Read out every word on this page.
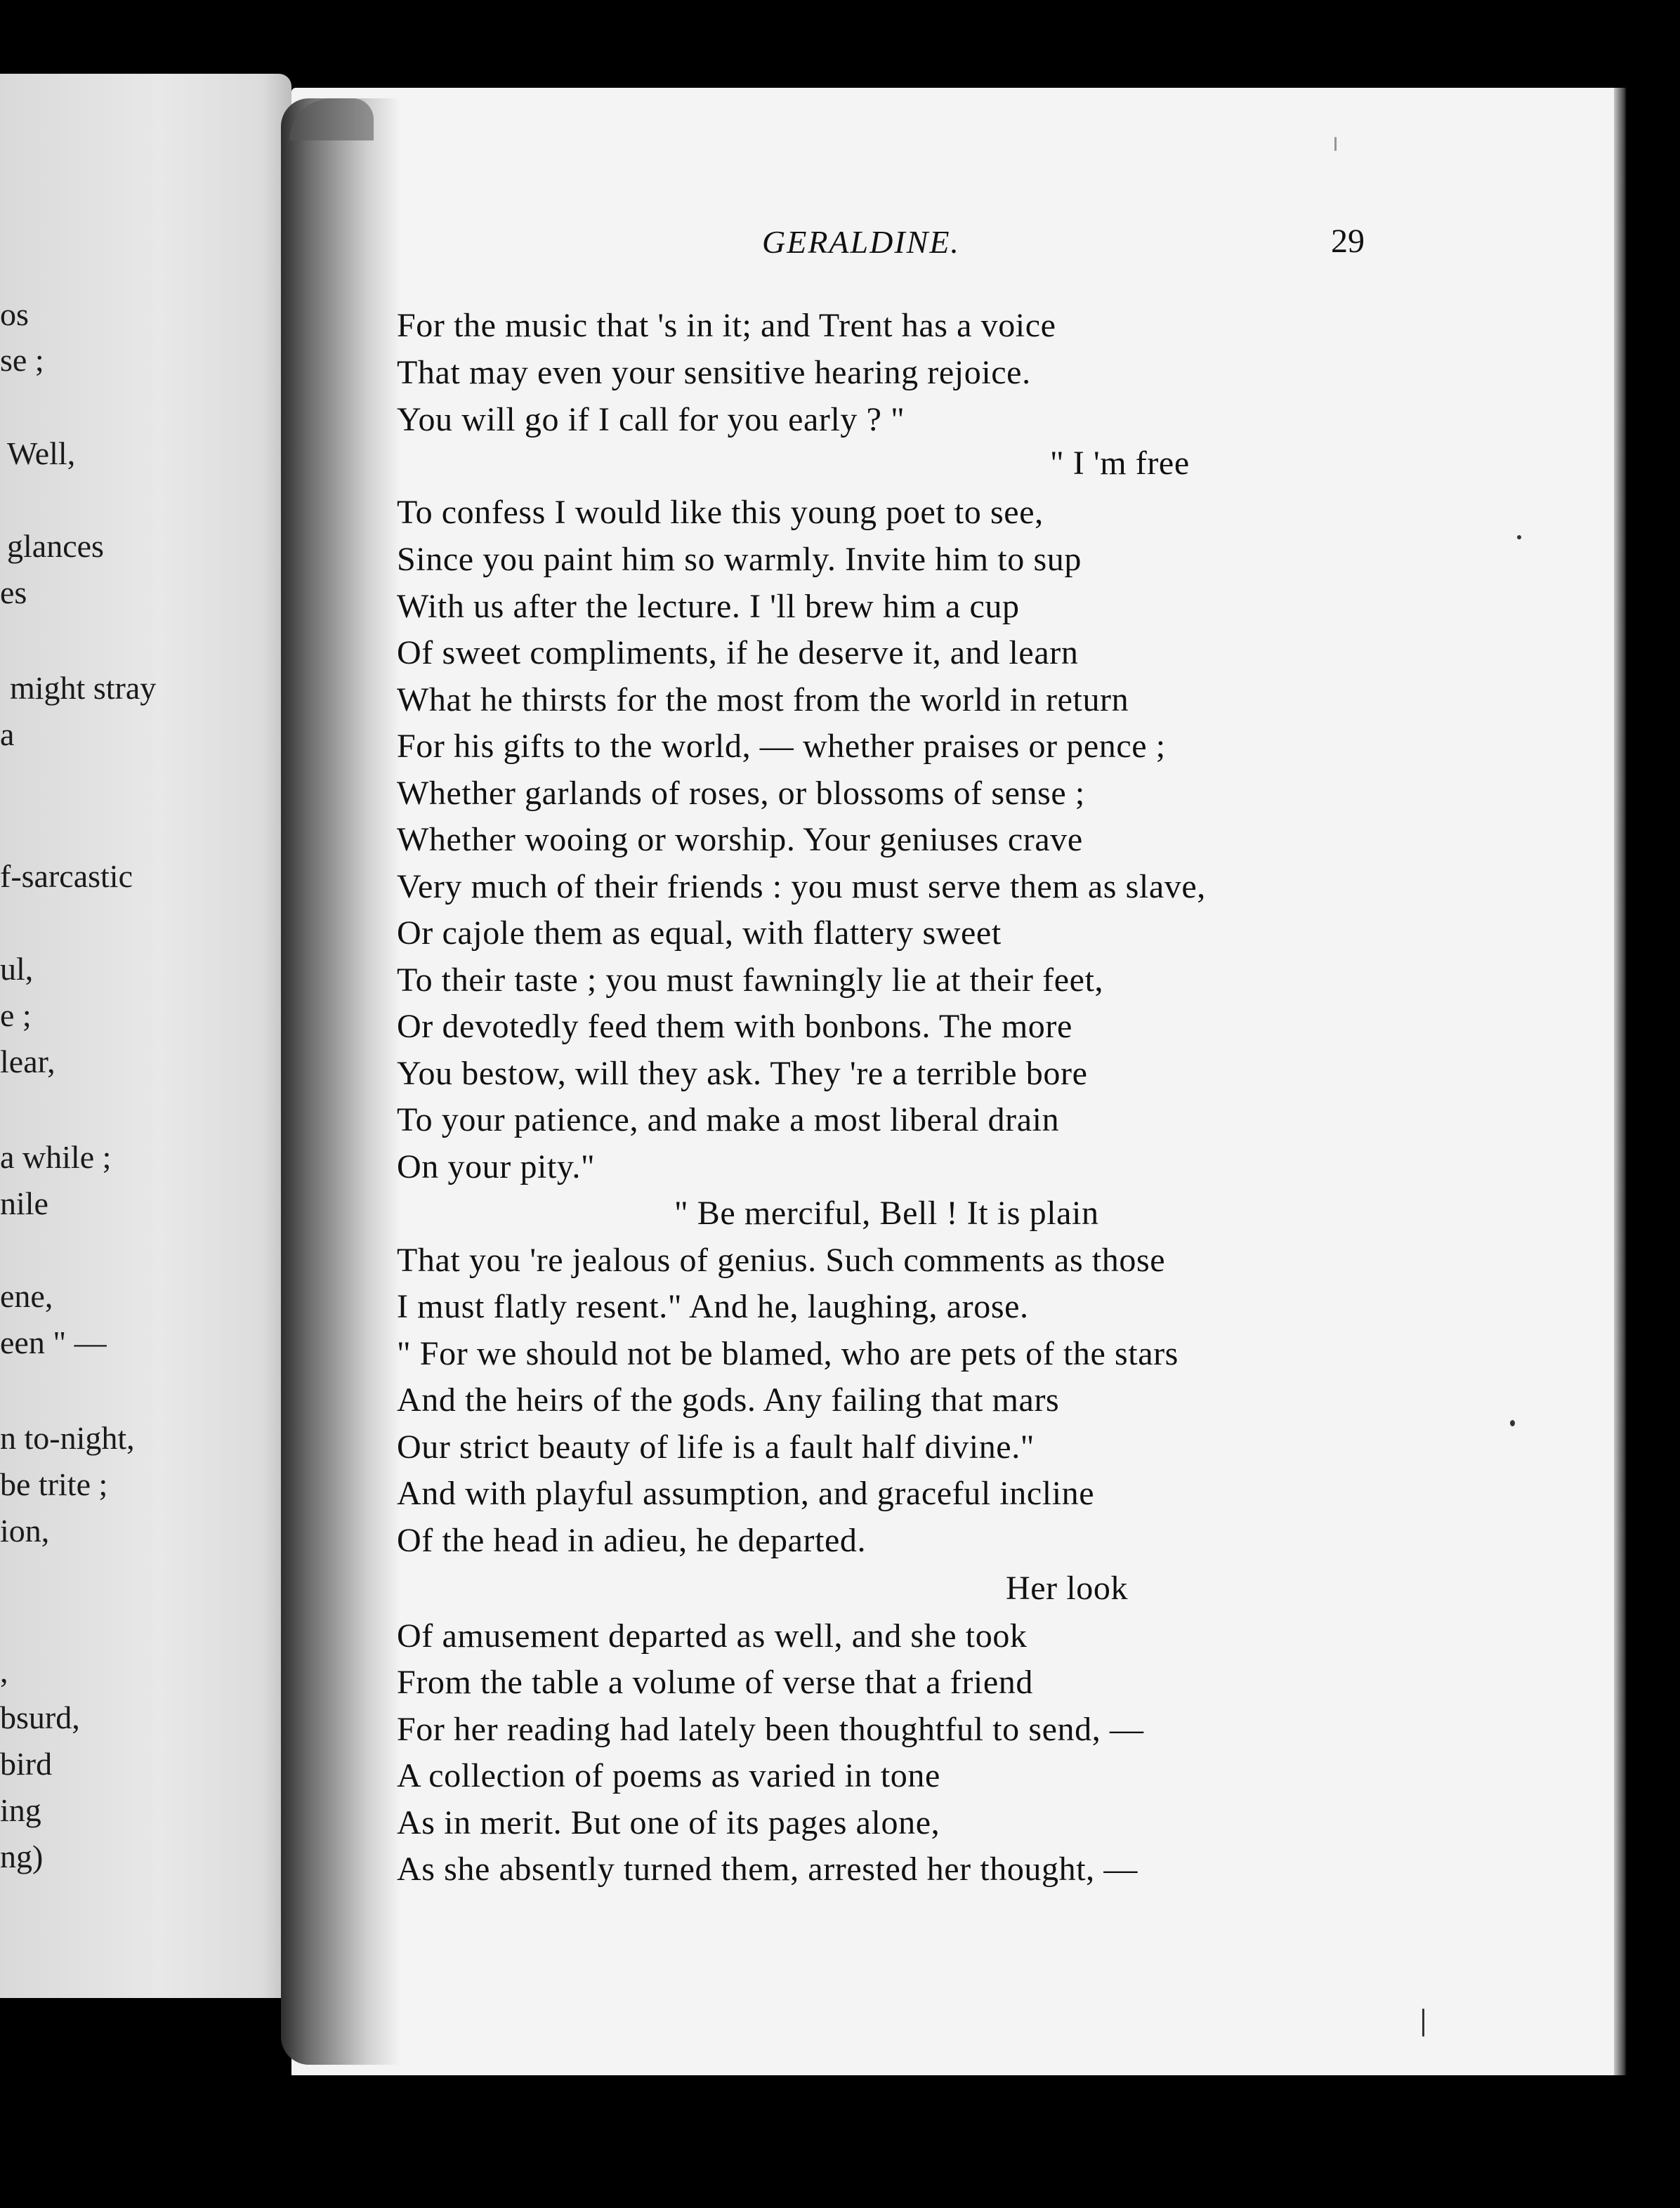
os
se ;
Well,
glances
es
might stray
a
f-sarcastic
ul,
e ;
lear,
a while ;
nile
ene,
een " —
n to-night,
be trite ;
ion,
,
bsurd,
bird
ing
ng)
GERALDINE.	29
For the music that 's in it; and Trent has a voice
That may even your sensitive hearing rejoice.
You will go if I call for you early ? "
" I 'm free
To confess I would like this young poet to see,
Since you paint him so warmly. Invite him to sup
With us after the lecture. I 'll brew him a cup
Of sweet compliments, if he deserve it, and learn
What he thirsts for the most from the world in return
For his gifts to the world, — whether praises or pence ;
Whether garlands of roses, or blossoms of sense ;
Whether wooing or worship. Your geniuses crave
Very much of their friends : you must serve them as slave,
Or cajole them as equal, with flattery sweet
To their taste ; you must fawningly lie at their feet,
Or devotedly feed them with bonbons. The more
You bestow, will they ask. They 're a terrible bore
To your patience, and make a most liberal drain
On your pity."
" Be merciful, Bell ! It is plain
That you 're jealous of genius. Such comments as those
I must flatly resent." And he, laughing, arose.
" For we should not be blamed, who are pets of the stars
And the heirs of the gods. Any failing that mars
Our strict beauty of life is a fault half divine."
And with playful assumption, and graceful incline
Of the head in adieu, he departed.
Her look
Of amusement departed as well, and she took
From the table a volume of verse that a friend
For her reading had lately been thoughtful to send, —
A collection of poems as varied in tone
As in merit. But one of its pages alone,
As she absently turned them, arrested her thought, —
